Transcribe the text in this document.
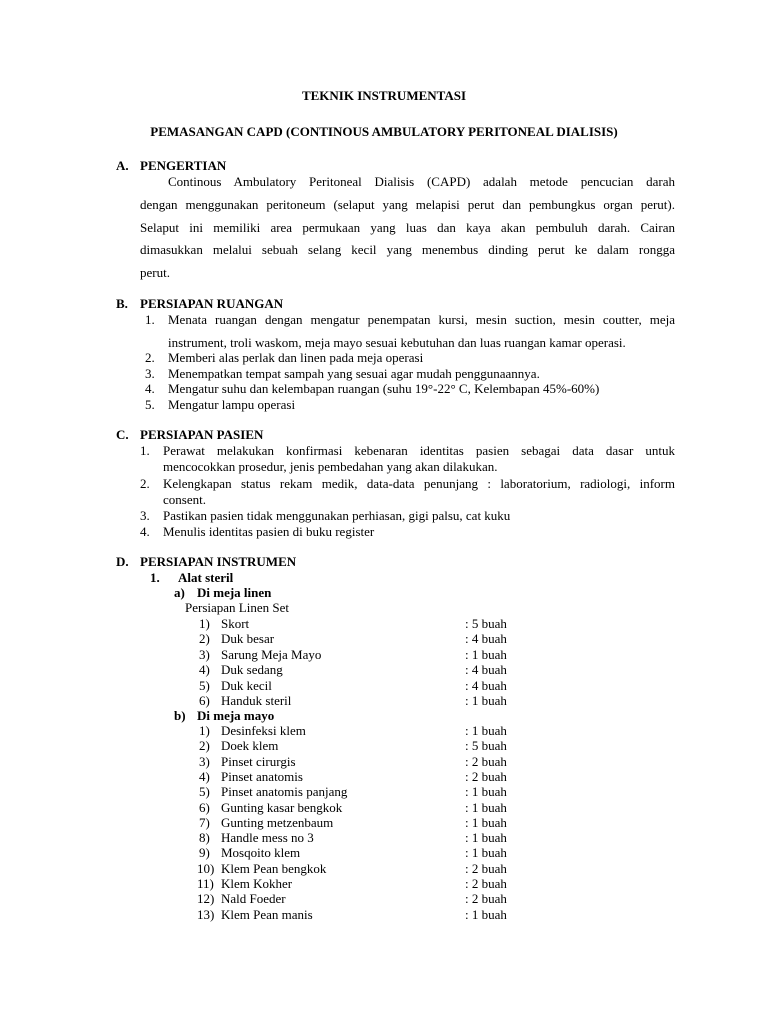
TEKNIK INSTRUMENTASI
PEMASANGAN CAPD (CONTINOUS AMBULATORY PERITONEAL DIALISIS)
A. PENGERTIAN
Continous Ambulatory Peritoneal Dialisis (CAPD) adalah metode pencucian darah
dengan menggunakan peritoneum (selaput yang melapisi perut dan pembungkus organ perut).
Selaput ini memiliki area permukaan yang luas dan kaya akan pembuluh darah. Cairan
dimasukkan melalui sebuah selang kecil yang menembus dinding perut ke dalam rongga
perut.
B. PERSIAPAN RUANGAN
1. Menata ruangan dengan mengatur penempatan kursi, mesin suction, mesin coutter, meja
instrument, troli waskom, meja mayo sesuai kebutuhan dan luas ruangan kamar operasi.
2. Memberi alas perlak dan linen pada meja operasi
3. Menempatkan tempat sampah yang sesuai agar mudah penggunaannya.
4. Mengatur suhu dan kelembapan ruangan (suhu 19°-22° C, Kelembapan 45%-60%)
5. Mengatur lampu operasi
C. PERSIAPAN PASIEN
1. Perawat melakukan konfirmasi kebenaran identitas pasien sebagai data dasar untuk
mencocokkan prosedur, jenis pembedahan yang akan dilakukan.
2. Kelengkapan status rekam medik, data-data penunjang : laboratorium, radiologi, inform
consent.
3. Pastikan pasien tidak menggunakan perhiasan, gigi palsu, cat kuku
4. Menulis identitas pasien di buku register
D. PERSIAPAN INSTRUMEN
1. Alat steril
a) Di meja linen
Persiapan Linen Set
1) Skort	: 5 buah
2) Duk besar	: 4 buah
3) Sarung Meja Mayo	: 1 buah
4) Duk sedang	: 4 buah
5) Duk kecil	: 4 buah
6) Handuk steril	: 1 buah
b) Di meja mayo
1) Desinfeksi klem	: 1 buah
2) Doek klem	: 5 buah
3) Pinset cirurgis	: 2 buah
4) Pinset anatomis	: 2 buah
5) Pinset anatomis panjang	: 1 buah
6) Gunting kasar bengkok	: 1 buah
7) Gunting metzenbaum	: 1 buah
8) Handle mess no 3	: 1 buah
9) Mosqoito klem	: 1 buah
10) Klem Pean bengkok	: 2 buah
11) Klem Kokher	: 2 buah
12) Nald Foeder	: 2 buah
13) Klem Pean manis	: 1 buah
